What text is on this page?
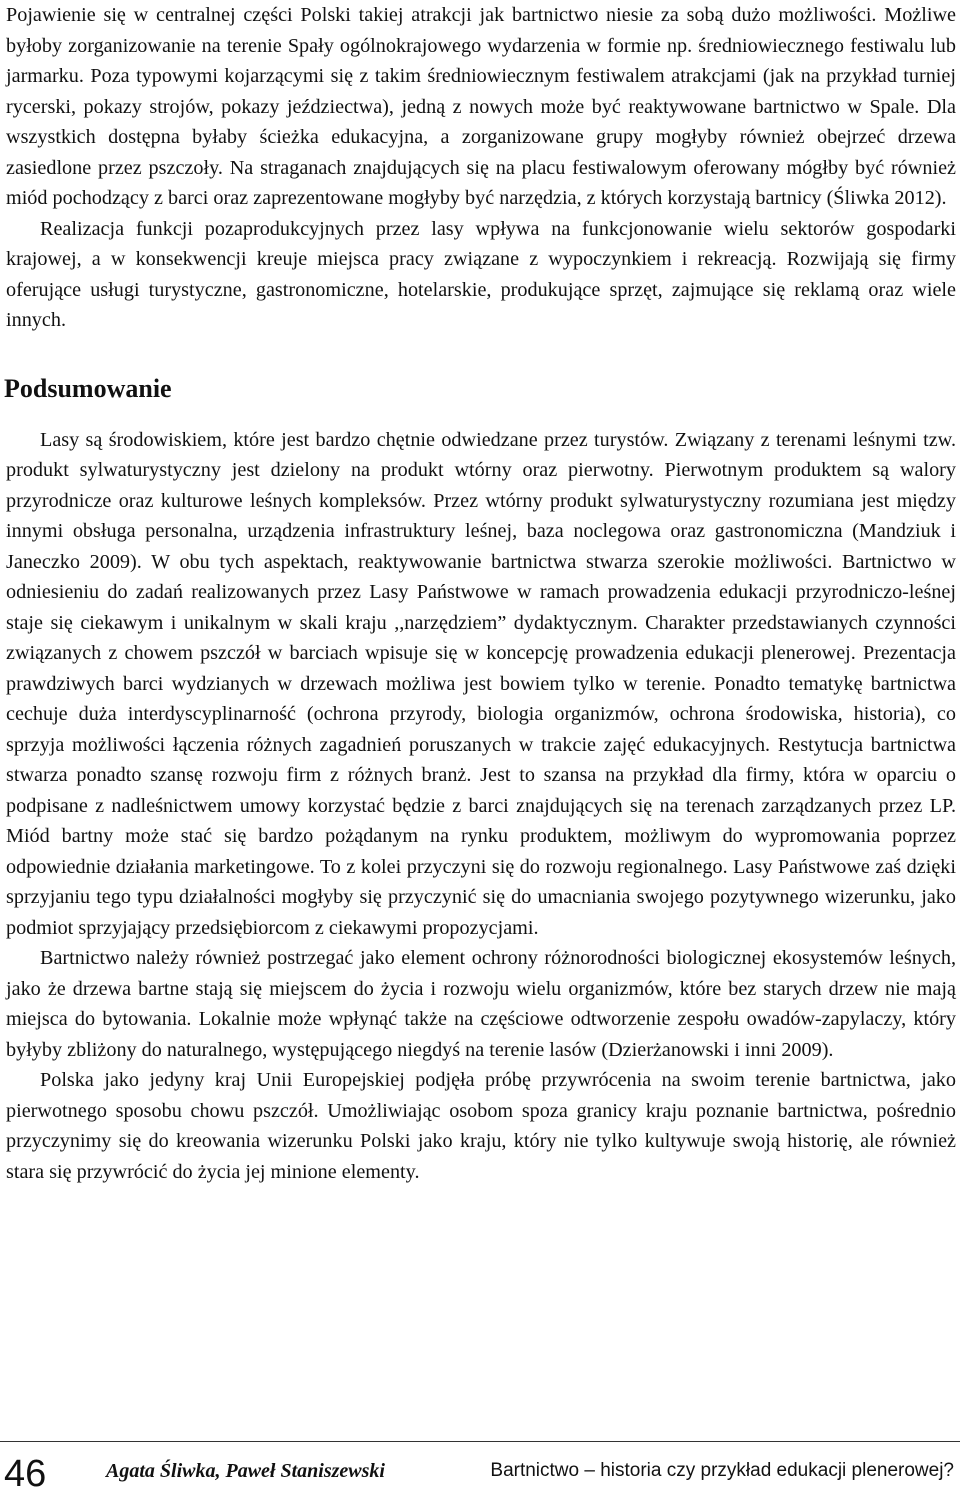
Pojawienie się w centralnej części Polski takiej atrakcji jak bartnictwo niesie za sobą dużo możliwości. Możliwe byłoby zorganizowanie na terenie Spały ogólnokrajowego wydarzenia w formie np. średniowiecznego festiwalu lub jarmarku. Poza typowymi kojarzącymi się z takim średniowiecznym festiwalem atrakcjami (jak na przykład turniej rycerski, pokazy strojów, pokazy jeździectwa), jedną z nowych może być reaktywowane bartnictwo w Spale. Dla wszystkich dostępna byłaby ścieżka edukacyjna, a zorganizowane grupy mogłyby również obejrzeć drzewa zasiedlone przez pszczoły. Na straganach znajdujących się na placu festiwalowym oferowany mógłby być również miód pochodzący z barci oraz zaprezentowane mogłyby być narzędzia, z których korzystają bartnicy (Śliwka 2012).

Realizacja funkcji pozaprodukcyjnych przez lasy wpływa na funkcjonowanie wielu sektorów gospodarki krajowej, a w konsekwencji kreuje miejsca pracy związane z wypoczynkiem i rekreacją. Rozwijają się firmy oferujące usługi turystyczne, gastronomiczne, hotelarskie, produkujące sprzęt, zajmujące się reklamą oraz wiele innych.

Podsumowanie

Lasy są środowiskiem, które jest bardzo chętnie odwiedzane przez turystów. Związany z terenami leśnymi tzw. produkt sylwaturystyczny jest dzielony na produkt wtórny oraz pierwotny. Pierwotnym produktem są walory przyrodnicze oraz kulturowe leśnych kompleksów. Przez wtórny produkt sylwaturystyczny rozumiana jest między innymi obsługa personalna, urządzenia infrastruktury leśnej, baza noclegowa oraz gastronomiczna (Mandziuk i Janeczko 2009). W obu tych aspektach, reaktywowanie bartnictwa stwarza szerokie możliwości. Bartnictwo w odniesieniu do zadań realizowanych przez Lasy Państwowe w ramach prowadzenia edukacji przyrodniczo-leśnej staje się ciekawym i unikalnym w skali kraju ,,narzędziem” dydaktycznym. Charakter przedstawianych czynności związanych z chowem pszczół w barciach wpisuje się w koncepcję prowadzenia edukacji plenerowej. Prezentacja prawdziwych barci wydzianych w drzewach możliwa jest bowiem tylko w terenie. Ponadto tematykę bartnictwa cechuje duża interdyscyplinarność (ochrona przyrody, biologia organizmów, ochrona środowiska, historia), co sprzyja możliwości łączenia różnych zagadnień poruszanych w trakcie zajęć edukacyjnych. Restytucja bartnictwa stwarza ponadto szansę rozwoju firm z różnych branż. Jest to szansa na przykład dla firmy, która w oparciu o podpisane z nadleśnictwem umowy korzystać będzie z barci znajdujących się na terenach zarządzanych przez LP. Miód bartny może stać się bardzo pożądanym na rynku produktem, możliwym do wypromowania poprzez odpowiednie działania marketingowe. To z kolei przyczyni się do rozwoju regionalnego. Lasy Państwowe zaś dzięki sprzyjaniu tego typu działalności mogłyby się przyczynić się do umacniania swojego pozytywnego wizerunku, jako podmiot sprzyjający przedsiębiorcom z ciekawymi propozycjami.

Bartnictwo należy również postrzegać jako element ochrony różnorodności biologicznej ekosystemów leśnych, jako że drzewa bartne stają się miejscem do życia i rozwoju wielu organizmów, które bez starych drzew nie mają miejsca do bytowania. Lokalnie może wpłynąć także na częściowe odtworzenie zespołu owadów-zapylaczy, który byłyby zbliżony do naturalnego, występującego niegdyś na terenie lasów (Dzierżanowski i inni 2009).

Polska jako jedyny kraj Unii Europejskiej podjęła próbę przywrócenia na swoim terenie bartnictwa, jako pierwotnego sposobu chowu pszczół. Umożliwiając osobom spoza granicy kraju poznanie bartnictwa, pośrednio przyczynimy się do kreowania wizerunku Polski jako kraju, który nie tylko kultywuje swoją historię, ale również stara się przywrócić do życia jej minione elementy.

46	Agata Śliwka, Paweł Staniszewski	Bartnictwo – historia czy przykład edukacji plenerowej?
